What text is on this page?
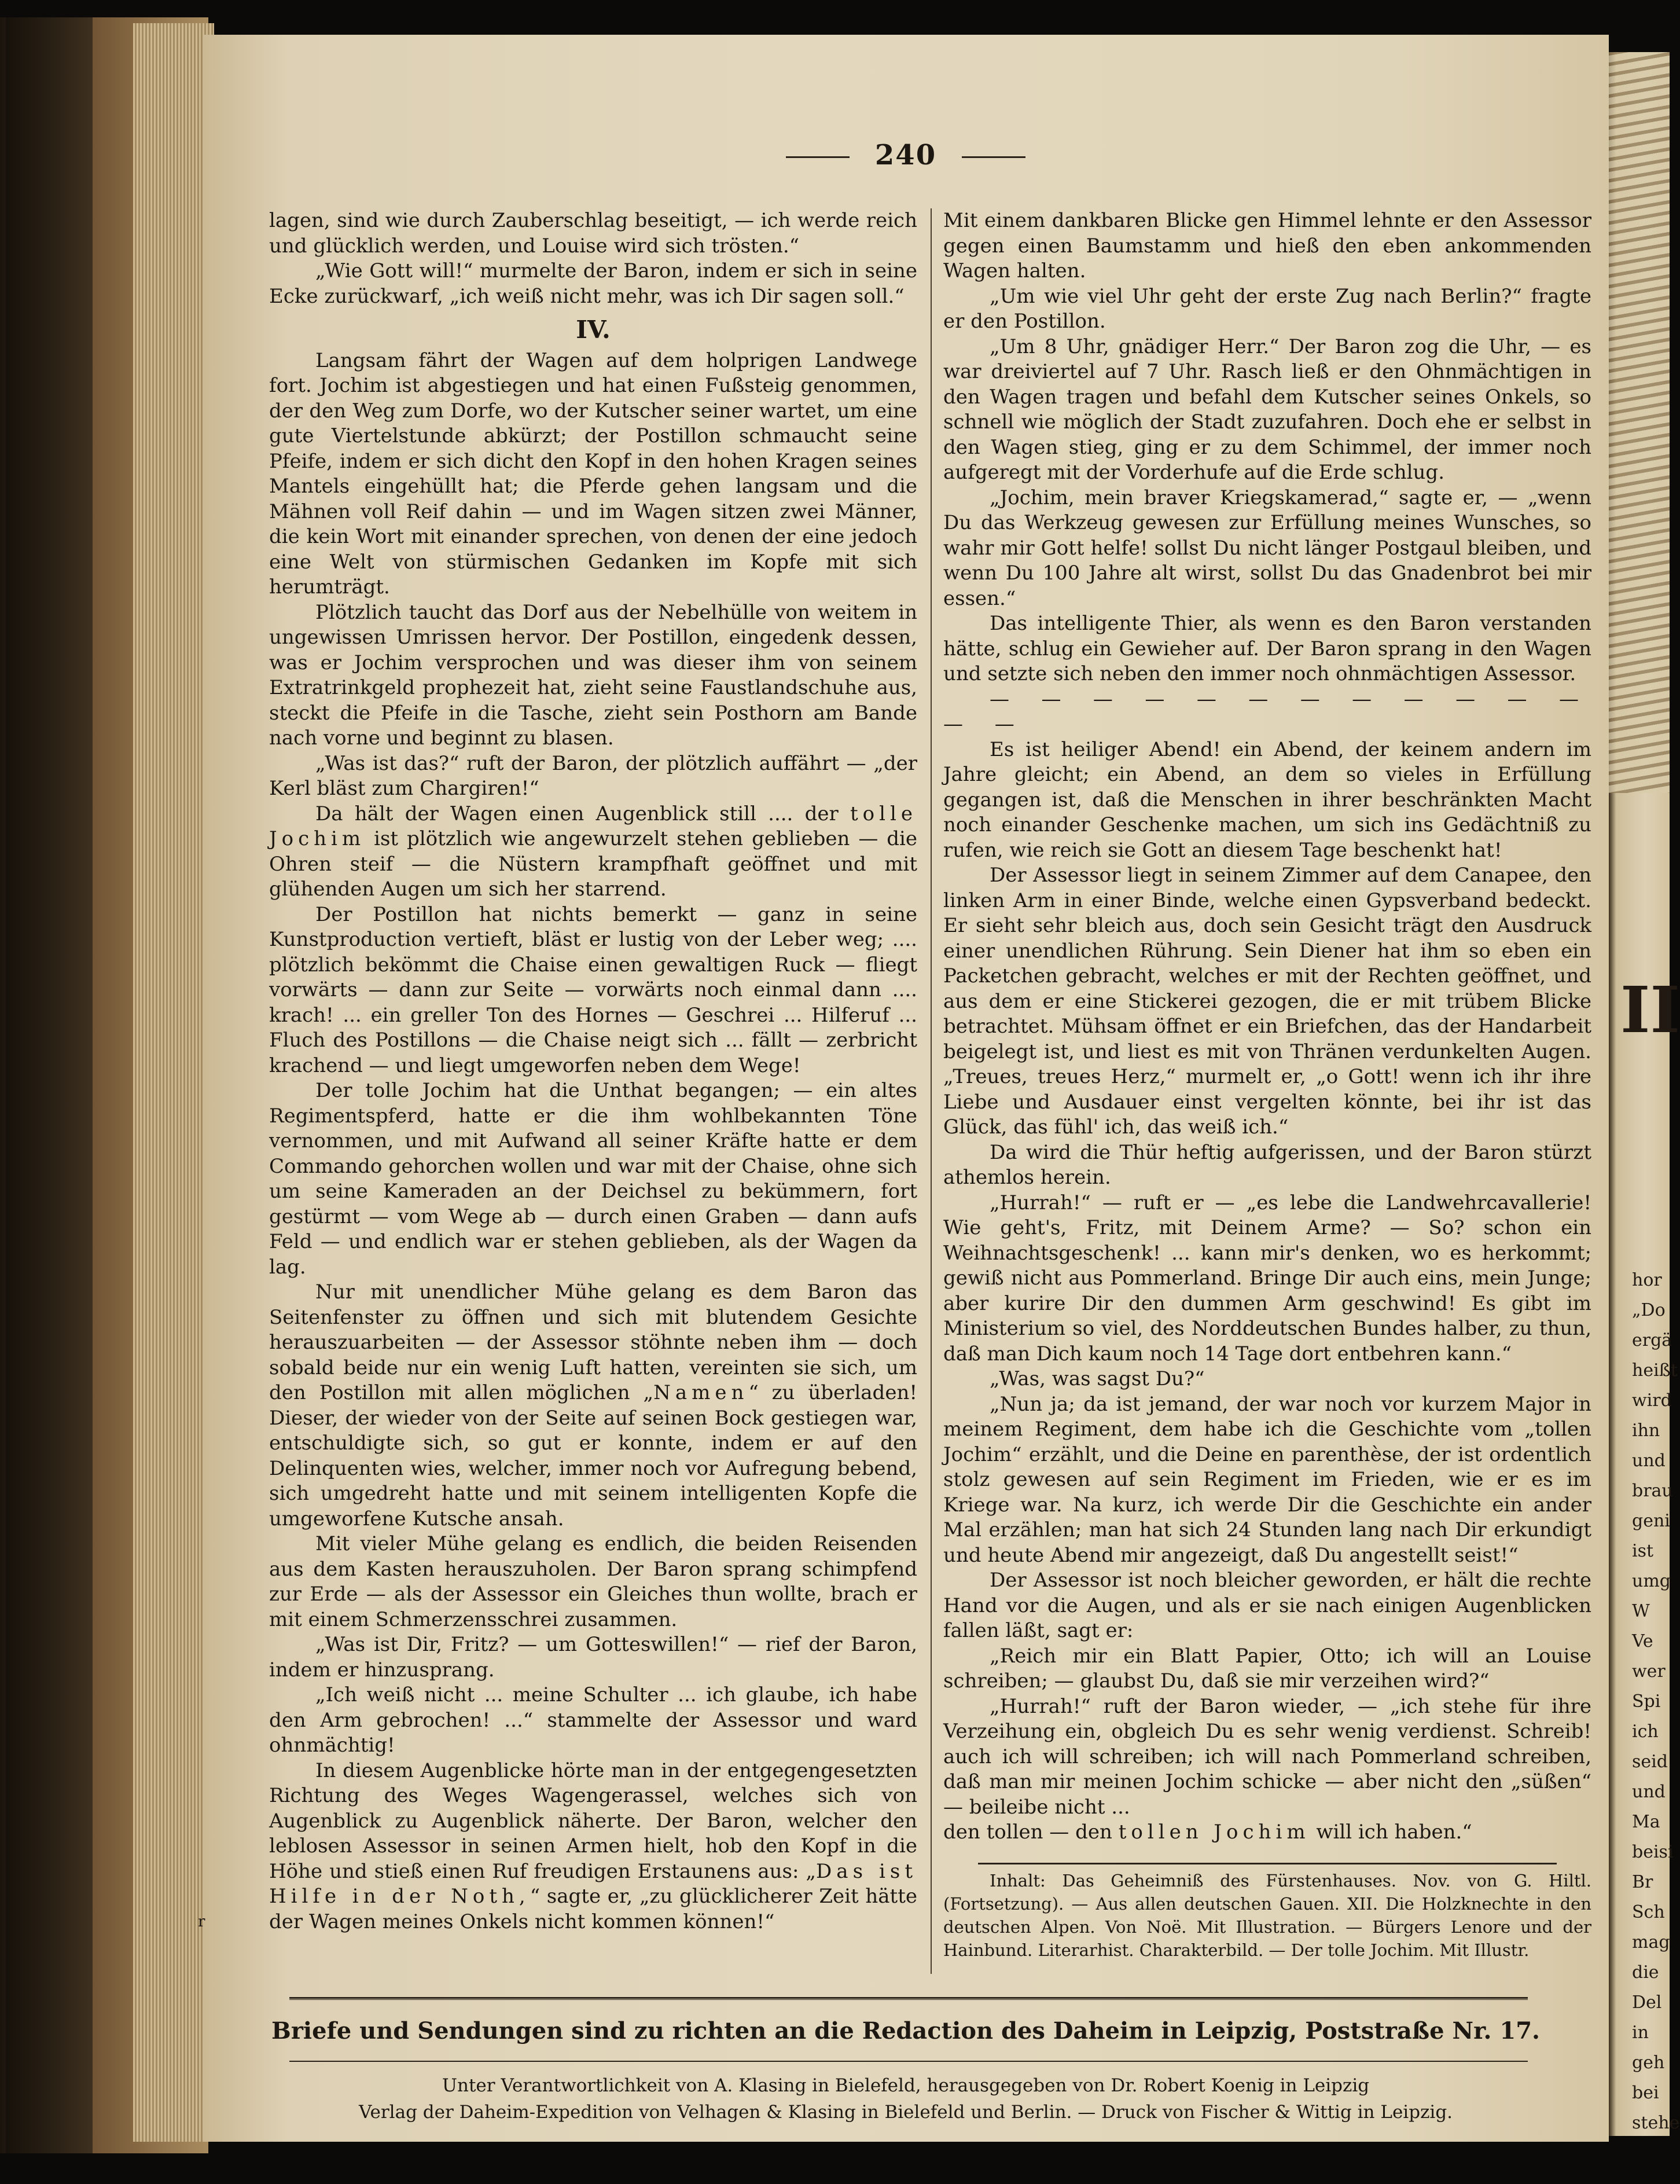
II
hor
„Do
ergä
heißt
wird
ihn
und
brau
geni
ist
umg
W
Ve
wer
Spi
ich
seid
und
Ma
beisi
Br
Sch
mag
die
Del
in
geh
bei
stehe
r
240

lagen, sind wie durch Zauberschlag beseitigt, — ich werde reich und glücklich werden, und Louise wird sich trösten.“

„Wie Gott will!“ murmelte der Baron, indem er sich in seine Ecke zurückwarf, „ich weiß nicht mehr, was ich Dir sagen soll.“

IV.

Langsam fährt der Wagen auf dem holprigen Landwege fort. Jochim ist abgestiegen und hat einen Fußsteig genommen, der den Weg zum Dorfe, wo der Kutscher seiner wartet, um eine gute Viertelstunde abkürzt; der Postillon schmaucht seine Pfeife, indem er sich dicht den Kopf in den hohen Kragen seines Mantels eingehüllt hat; die Pferde gehen langsam und die Mähnen voll Reif dahin — und im Wagen sitzen zwei Männer, die kein Wort mit einander sprechen, von denen der eine jedoch eine Welt von stürmischen Gedanken im Kopfe mit sich herumträgt.

Plötzlich taucht das Dorf aus der Nebelhülle von weitem in ungewissen Umrissen hervor. Der Postillon, eingedenk dessen, was er Jochim versprochen und was dieser ihm von seinem Extratrinkgeld prophezeit hat, zieht seine Faustlandschuhe aus, steckt die Pfeife in die Tasche, zieht sein Posthorn am Bande nach vorne und beginnt zu blasen.

„Was ist das?“ ruft der Baron, der plötzlich auffährt — „der Kerl bläst zum Chargiren!“

Da hält der Wagen einen Augenblick still .... der tolle Jochim ist plötzlich wie angewurzelt stehen geblieben — die Ohren steif — die Nüstern krampfhaft geöffnet und mit glühenden Augen um sich her starrend.

Der Postillon hat nichts bemerkt — ganz in seine Kunstproduction vertieft, bläst er lustig von der Leber weg; .... plötzlich bekömmt die Chaise einen gewaltigen Ruck — fliegt vorwärts — dann zur Seite — vorwärts noch einmal dann .... krach! ... ein greller Ton des Hornes — Geschrei ... Hilferuf ... Fluch des Postillons — die Chaise neigt sich ... fällt — zerbricht krachend — und liegt umgeworfen neben dem Wege!

Der tolle Jochim hat die Unthat begangen; — ein altes Regimentspferd, hatte er die ihm wohlbekannten Töne vernommen, und mit Aufwand all seiner Kräfte hatte er dem Commando gehorchen wollen und war mit der Chaise, ohne sich um seine Kameraden an der Deichsel zu bekümmern, fort gestürmt — vom Wege ab — durch einen Graben — dann aufs Feld — und endlich war er stehen geblieben, als der Wagen da lag.

Nur mit unendlicher Mühe gelang es dem Baron das Seitenfenster zu öffnen und sich mit blutendem Gesichte herauszuarbeiten — der Assessor stöhnte neben ihm — doch sobald beide nur ein wenig Luft hatten, vereinten sie sich, um den Postillon mit allen möglichen „Namen“ zu überladen! Dieser, der wieder von der Seite auf seinen Bock gestiegen war, entschuldigte sich, so gut er konnte, indem er auf den Delinquenten wies, welcher, immer noch vor Aufregung bebend, sich umgedreht hatte und mit seinem intelligenten Kopfe die umgeworfene Kutsche ansah.

Mit vieler Mühe gelang es endlich, die beiden Reisenden aus dem Kasten herauszuholen. Der Baron sprang schimpfend zur Erde — als der Assessor ein Gleiches thun wollte, brach er mit einem Schmerzensschrei zusammen.

„Was ist Dir, Fritz? — um Gotteswillen!“ — rief der Baron, indem er hinzusprang.

„Ich weiß nicht ... meine Schulter ... ich glaube, ich habe den Arm gebrochen! ...“ stammelte der Assessor und ward ohnmächtig!

In diesem Augenblicke hörte man in der entgegengesetzten Richtung des Weges Wagengerassel, welches sich von Augenblick zu Augenblick näherte. Der Baron, welcher den leblosen Assessor in seinen Armen hielt, hob den Kopf in die Höhe und stieß einen Ruf freudigen Erstaunens aus: „Das ist Hilfe in der Noth,“ sagte er, „zu glücklicherer Zeit hätte der Wagen meines Onkels nicht kommen können!“

Mit einem dankbaren Blicke gen Himmel lehnte er den Assessor gegen einen Baumstamm und hieß den eben ankommenden Wagen halten.

„Um wie viel Uhr geht der erste Zug nach Berlin?“ fragte er den Postillon.

„Um 8 Uhr, gnädiger Herr.“ Der Baron zog die Uhr, — es war dreiviertel auf 7 Uhr. Rasch ließ er den Ohnmächtigen in den Wagen tragen und befahl dem Kutscher seines Onkels, so schnell wie möglich der Stadt zuzufahren. Doch ehe er selbst in den Wagen stieg, ging er zu dem Schimmel, der immer noch aufgeregt mit der Vorderhufe auf die Erde schlug.

„Jochim, mein braver Kriegskamerad,“ sagte er, — „wenn Du das Werkzeug gewesen zur Erfüllung meines Wunsches, so wahr mir Gott helfe! sollst Du nicht länger Postgaul bleiben, und wenn Du 100 Jahre alt wirst, sollst Du das Gnadenbrot bei mir essen.“

Das intelligente Thier, als wenn es den Baron verstanden hätte, schlug ein Gewieher auf. Der Baron sprang in den Wagen und setzte sich neben den immer noch ohnmächtigen Assessor.

— — — — — — — — — — — — — —

Es ist heiliger Abend! ein Abend, der keinem andern im Jahre gleicht; ein Abend, an dem so vieles in Erfüllung gegangen ist, daß die Menschen in ihrer beschränkten Macht noch einander Geschenke machen, um sich ins Gedächtniß zu rufen, wie reich sie Gott an diesem Tage beschenkt hat!

Der Assessor liegt in seinem Zimmer auf dem Canapee, den linken Arm in einer Binde, welche einen Gypsverband bedeckt. Er sieht sehr bleich aus, doch sein Gesicht trägt den Ausdruck einer unendlichen Rührung. Sein Diener hat ihm so eben ein Packetchen gebracht, welches er mit der Rechten geöffnet, und aus dem er eine Stickerei gezogen, die er mit trübem Blicke betrachtet. Mühsam öffnet er ein Briefchen, das der Handarbeit beigelegt ist, und liest es mit von Thränen verdunkelten Augen. „Treues, treues Herz,“ murmelt er, „o Gott! wenn ich ihr ihre Liebe und Ausdauer einst vergelten könnte, bei ihr ist das Glück, das fühl' ich, das weiß ich.“

Da wird die Thür heftig aufgerissen, und der Baron stürzt athemlos herein.

„Hurrah!“ — ruft er — „es lebe die Landwehrcavallerie! Wie geht's, Fritz, mit Deinem Arme? — So? schon ein Weihnachtsgeschenk! ... kann mir's denken, wo es herkommt; gewiß nicht aus Pommerland. Bringe Dir auch eins, mein Junge; aber kurire Dir den dummen Arm geschwind! Es gibt im Ministerium so viel, des Norddeutschen Bundes halber, zu thun, daß man Dich kaum noch 14 Tage dort entbehren kann.“

„Was, was sagst Du?“

„Nun ja; da ist jemand, der war noch vor kurzem Major in meinem Regiment, dem habe ich die Geschichte vom „tollen Jochim“ erzählt, und die Deine en parenthèse, der ist ordentlich stolz gewesen auf sein Regiment im Frieden, wie er es im Kriege war. Na kurz, ich werde Dir die Geschichte ein ander Mal erzählen; man hat sich 24 Stunden lang nach Dir erkundigt und heute Abend mir angezeigt, daß Du angestellt seist!“

Der Assessor ist noch bleicher geworden, er hält die rechte Hand vor die Augen, und als er sie nach einigen Augenblicken fallen läßt, sagt er:

„Reich mir ein Blatt Papier, Otto; ich will an Louise schreiben; — glaubst Du, daß sie mir verzeihen wird?“

„Hurrah!“ ruft der Baron wieder, — „ich stehe für ihre Verzeihung ein, obgleich Du es sehr wenig verdienst. Schreib! auch ich will schreiben; ich will nach Pommerland schreiben, daß man mir meinen Jochim schicke — aber nicht den „süßen“ — beileibe nicht ...

den tollen — den tollen Jochim will ich haben.“

Inhalt: Das Geheimniß des Fürstenhauses. Nov. von G. Hiltl. (Fortsetzung). — Aus allen deutschen Gauen. XII. Die Holzknechte in den deutschen Alpen. Von Noë. Mit Illustration. — Bürgers Lenore und der Hainbund. Literarhist. Charakterbild. — Der tolle Jochim. Mit Illustr.

Briefe und Sendungen sind zu richten an die Redaction des Daheim in Leipzig, Poststraße Nr. 17.
Unter Verantwortlichkeit von A. Klasing in Bielefeld, herausgegeben von Dr. Robert Koenig in Leipzig
Verlag der Daheim-Expedition von Velhagen & Klasing in Bielefeld und Berlin. — Druck von Fischer & Wittig in Leipzig.
